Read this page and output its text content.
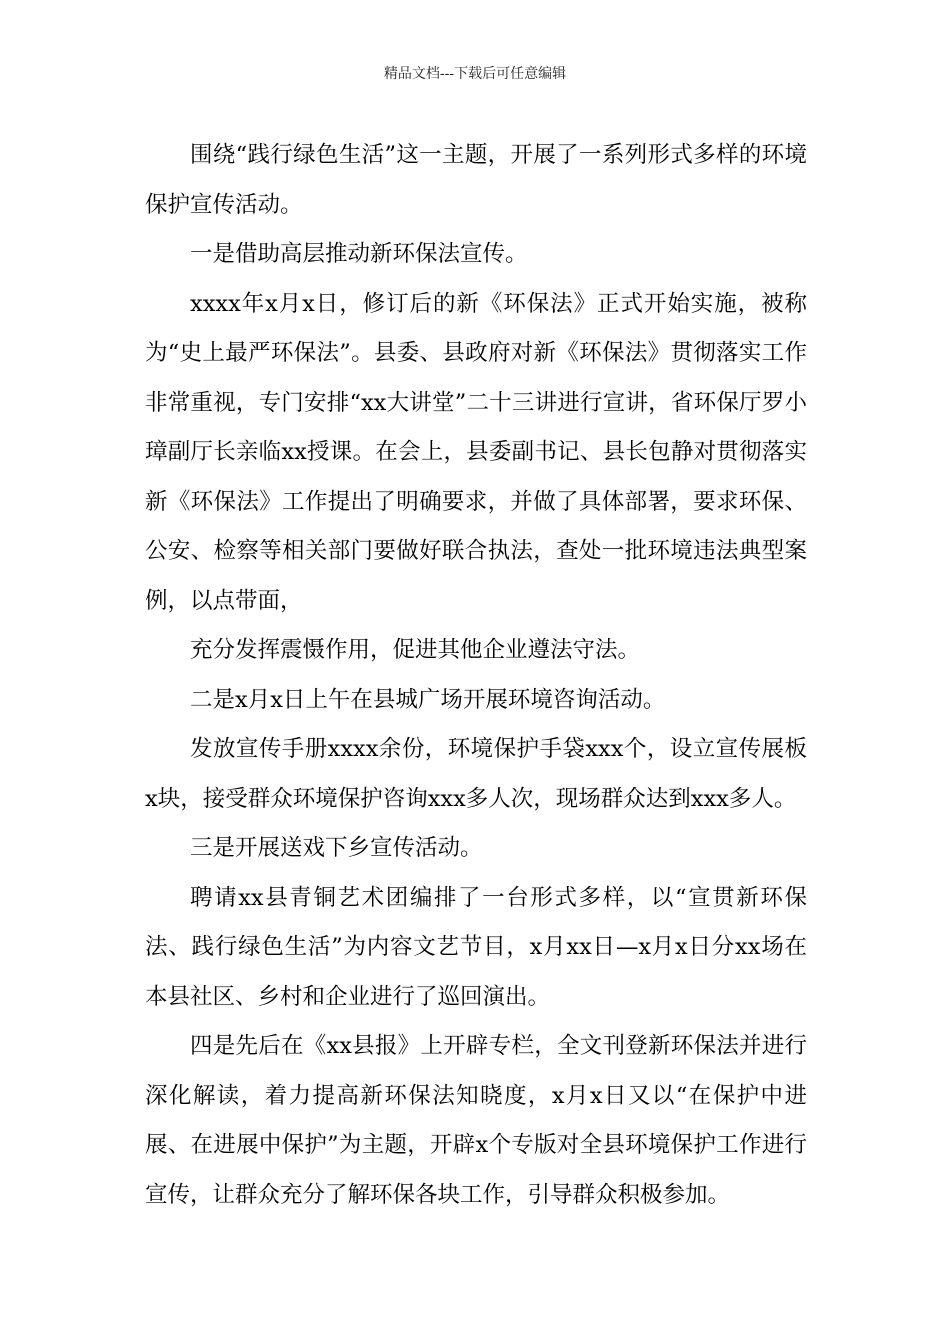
精品文档---下载后可任意编辑

围绕“践行绿色生活”这一主题，开展了一系列形式多样的环境保护宣传活动。

一是借助高层推动新环保法宣传。

xxxx年x月x日，修订后的新《环保法》正式开始实施，被称为“史上最严环保法”。县委、县政府对新《环保法》贯彻落实工作非常重视，专门安排“xx大讲堂”二十三讲进行宣讲，省环保厅罗小璋副厅长亲临xx授课。在会上，县委副书记、县长包静对贯彻落实新《环保法》工作提出了明确要求，并做了具体部署，要求环保、公安、检察等相关部门要做好联合执法，查处一批环境违法典型案例，以点带面，

充分发挥震慑作用，促进其他企业遵法守法。

二是x月x日上午在县城广场开展环境咨询活动。

发放宣传手册xxxx余份，环境保护手袋xxx个，设立宣传展板x块，接受群众环境保护咨询xxx多人次，现场群众达到xxx多人。

三是开展送戏下乡宣传活动。

聘请xx县青铜艺术团编排了一台形式多样，以“宣贯新环保法、践行绿色生活”为内容文艺节目，x月xx日—x月x日分xx场在本县社区、乡村和企业进行了巡回演出。

四是先后在《xx县报》上开辟专栏，全文刊登新环保法并进行深化解读，着力提高新环保法知晓度，x月x日又以“在保护中进展、在进展中保护”为主题，开辟x个专版对全县环境保护工作进行宣传，让群众充分了解环保各块工作，引导群众积极参加。
